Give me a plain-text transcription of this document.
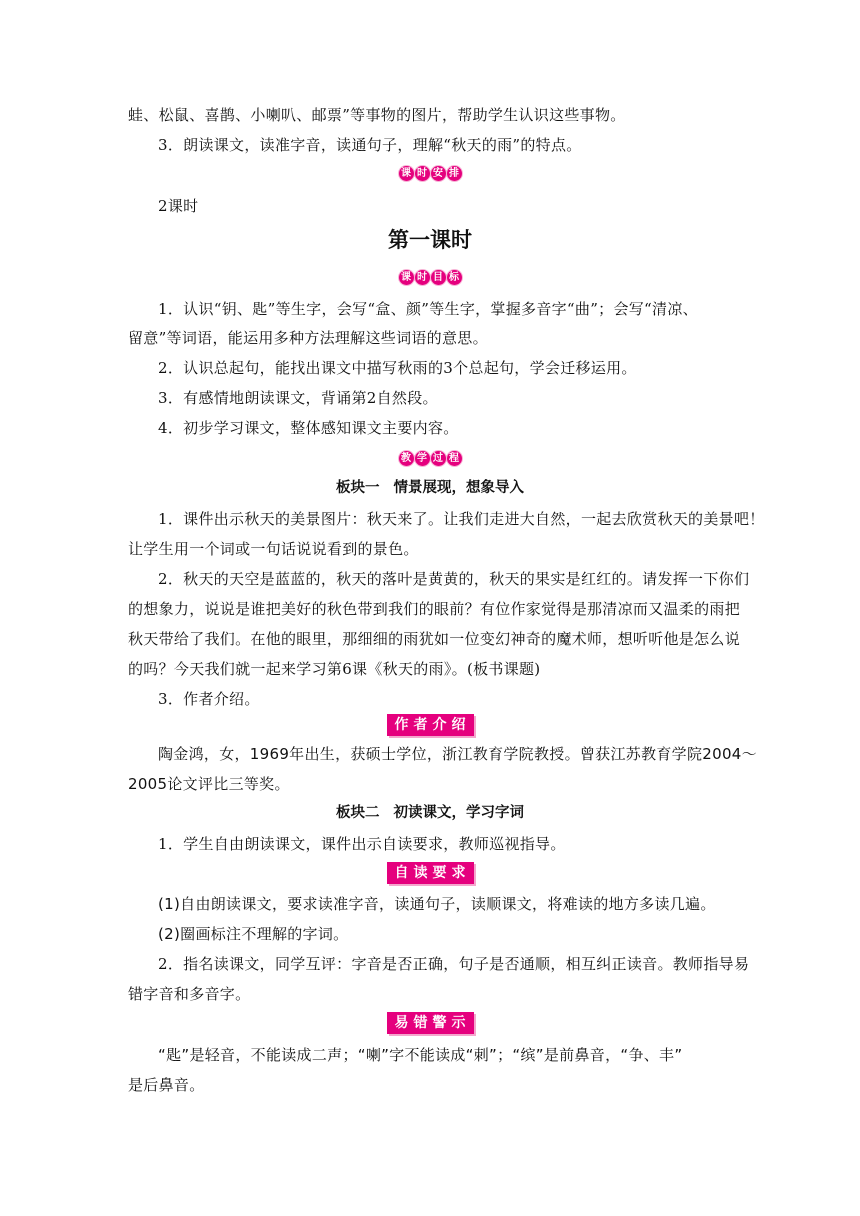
蛙、松鼠、喜鹊、小喇叭、邮票”等事物的图片，帮助学生认识这些事物。
3．朗读课文，读准字音，读通句子，理解“秋天的雨”的特点。
课 时 安 排
2课时
第一课时
课 时 目 标
1．认识“钥、匙”等生字，会写“盒、颜”等生字，掌握多音字“曲”；会写“清凉、
留意”等词语，能运用多种方法理解这些词语的意思。
2．认识总起句，能找出课文中描写秋雨的3个总起句，学会迁移运用。
3．有感情地朗读课文，背诵第2自然段。
4．初步学习课文，整体感知课文主要内容。
教 学 过 程
板块一 情景展现，想象导入
1．课件出示秋天的美景图片：秋天来了。让我们走进大自然，一起去欣赏秋天的美景吧！
让学生用一个词或一句话说说看到的景色。
2．秋天的天空是蓝蓝的，秋天的落叶是黄黄的，秋天的果实是红红的。请发挥一下你们
的想象力，说说是谁把美好的秋色带到我们的眼前？有位作家觉得是那清凉而又温柔的雨把
秋天带给了我们。在他的眼里，那细细的雨犹如一位变幻神奇的魔术师，想听听他是怎么说
的吗？今天我们就一起来学习第6课《秋天的雨》。(板书课题)
3．作者介绍。
作者介绍
陶金鸿，女，1969年出生，获硕士学位，浙江教育学院教授。曾获江苏教育学院2004～
2005论文评比三等奖。
板块二 初读课文，学习字词
1．学生自由朗读课文，课件出示自读要求，教师巡视指导。
自读要求
(1)自由朗读课文，要求读准字音，读通句子，读顺课文，将难读的地方多读几遍。
(2)圈画标注不理解的字词。
2．指名读课文，同学互评：字音是否正确，句子是否通顺，相互纠正读音。教师指导易
错字音和多音字。
易错警示
“匙”是轻音，不能读成二声；“喇”字不能读成“刺”；“缤”是前鼻音，“争、丰”
是后鼻音。
